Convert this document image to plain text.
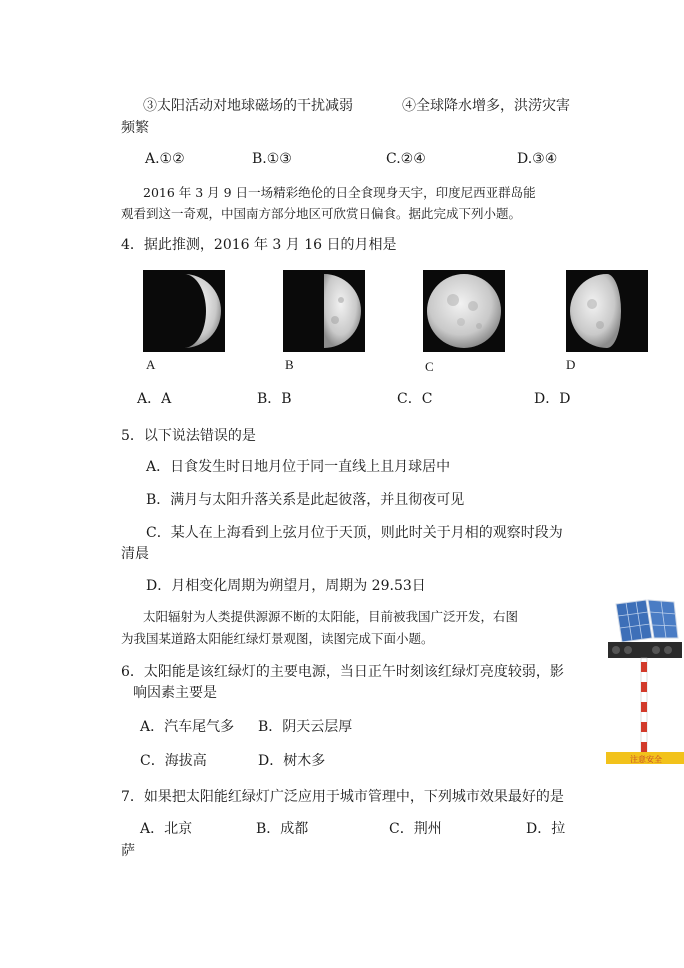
③太阳活动对地球磁场的干扰减弱	④全球降水增多，洪涝灾害
频繁
A.①②	B.①③	C.②④	D.③④
2016 年 3 月 9 日一场精彩绝伦的日全食现身天宇，印度尼西亚群岛能
观看到这一奇观，中国南方部分地区可欣赏日偏食。据此完成下列小题。
4．据此推测，2016 年 3 月 16 日的月相是
A	B	C	D
A．A	B．B	C．C	D．D
5．以下说法错误的是
A．日食发生时日地月位于同一直线上且月球居中
B．满月与太阳升落关系是此起彼落，并且彻夜可见
C．某人在上海看到上弦月位于天顶，则此时关于月相的观察时段为
清晨
D．月相变化周期为朔望月，周期为 29.53日
太阳辐射为人类提供源源不断的太阳能，目前被我国广泛开发，右图
为我国某道路太阳能红绿灯景观图，读图完成下面小题。
6．太阳能是该红绿灯的主要电源，当日正午时刻该红绿灯亮度较弱，影
响因素主要是
A．汽车尾气多 B．阴天云层厚
C．海拔高	D．树木多
7．如果把太阳能红绿灯广泛应用于城市管理中，下列城市效果最好的是
A．北京	B．成都	C．荆州	D．拉
萨
注意安全
